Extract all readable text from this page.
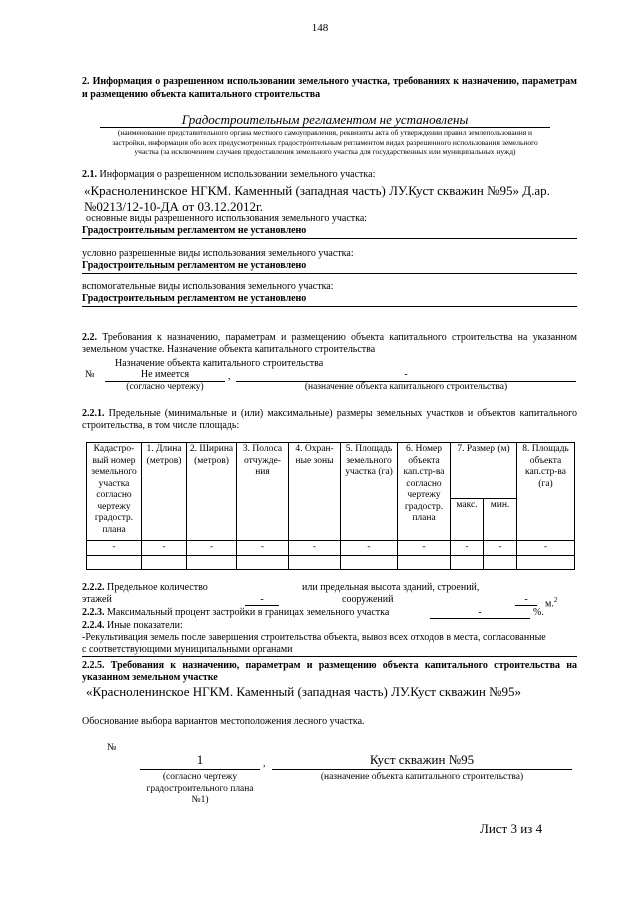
148
2. Информация о разрешенном использовании земельного участка, требованиях к назначению, параметрам и размещению объекта капитального строительства
Градостроительным регламентом не установлены
(наименование представительного органа местного самоуправления, реквизиты акта об утверждении правил землепользования и застройки, информация обо всех предусмотренных градостроительным регламентом видах разрешенного использования земельного участка (за исключением случаев предоставления земельного участка для государственных или муниципальных нужд)
2.1. Информация о разрешенном использовании земельного участка:
«Красноленинское НГКМ. Каменный (западная часть) ЛУ.Куст скважин №95» Д.ар. №0213/12-10-ДА от 03.12.2012г.
основные виды разрешенного использования земельного участка:
Градостроительным регламентом не установлено
условно разрешенные виды использования земельного участка:
Градостроительным регламентом не установлено
вспомогательные виды использования земельного участка:
Градостроительным регламентом не установлено
2.2. Требования к назначению, параметрам и размещению объекта капитального строительства на указанном земельном участке. Назначение объекта капитального строительства
Назначение объекта капитального строительства
№	Не имеется	,	-
(согласно чертежу)	(назначение объекта капитального строительства)
2.2.1. Предельные (минимальные и (или) максимальные) размеры земельных участков и объектов капитального строительства, в том числе площадь:
Кадастро-вый номер земельного участка согласно чертежу градостр. плана	1. Длина (метров)	2. Ширина (метров)	3. Полоса отчужде-ния	4. Охран-ные зоны	5. Площадь земельного участка (га)	6. Номер объекта кап.стр-ва согласно чертежу градостр. плана	7. Размер (м)		8. Площадь объекта кап.стр-ва (га)
							макс.	мин.	
-	-	-	-	-	-	-	-	-	-

2.2.2. Предельное количество	или предельная высота зданий, строений,
этажей	-	сооружений	-	м.$^2$
2.2.3. Максимальный процент застройки в границах земельного участка	-	%.
2.2.4. Иные показатели:
-Рекультивация земель после завершения строительства объекта, вывоз всех отходов в места, согласованные с соответствующими муниципальными органами
2.2.5. Требования к назначению, параметрам и размещению объекта капитального строительства на указанном земельном участке
«Красноленинское НГКМ. Каменный (западная часть) ЛУ.Куст скважин №95»
Обоснование выбора вариантов местоположения лесного участка.
№
1	,	Куст скважин №95
(согласно чертежу градостроительного плана №1)
(назначение объекта капитального строительства)
Лист 3 из 4
